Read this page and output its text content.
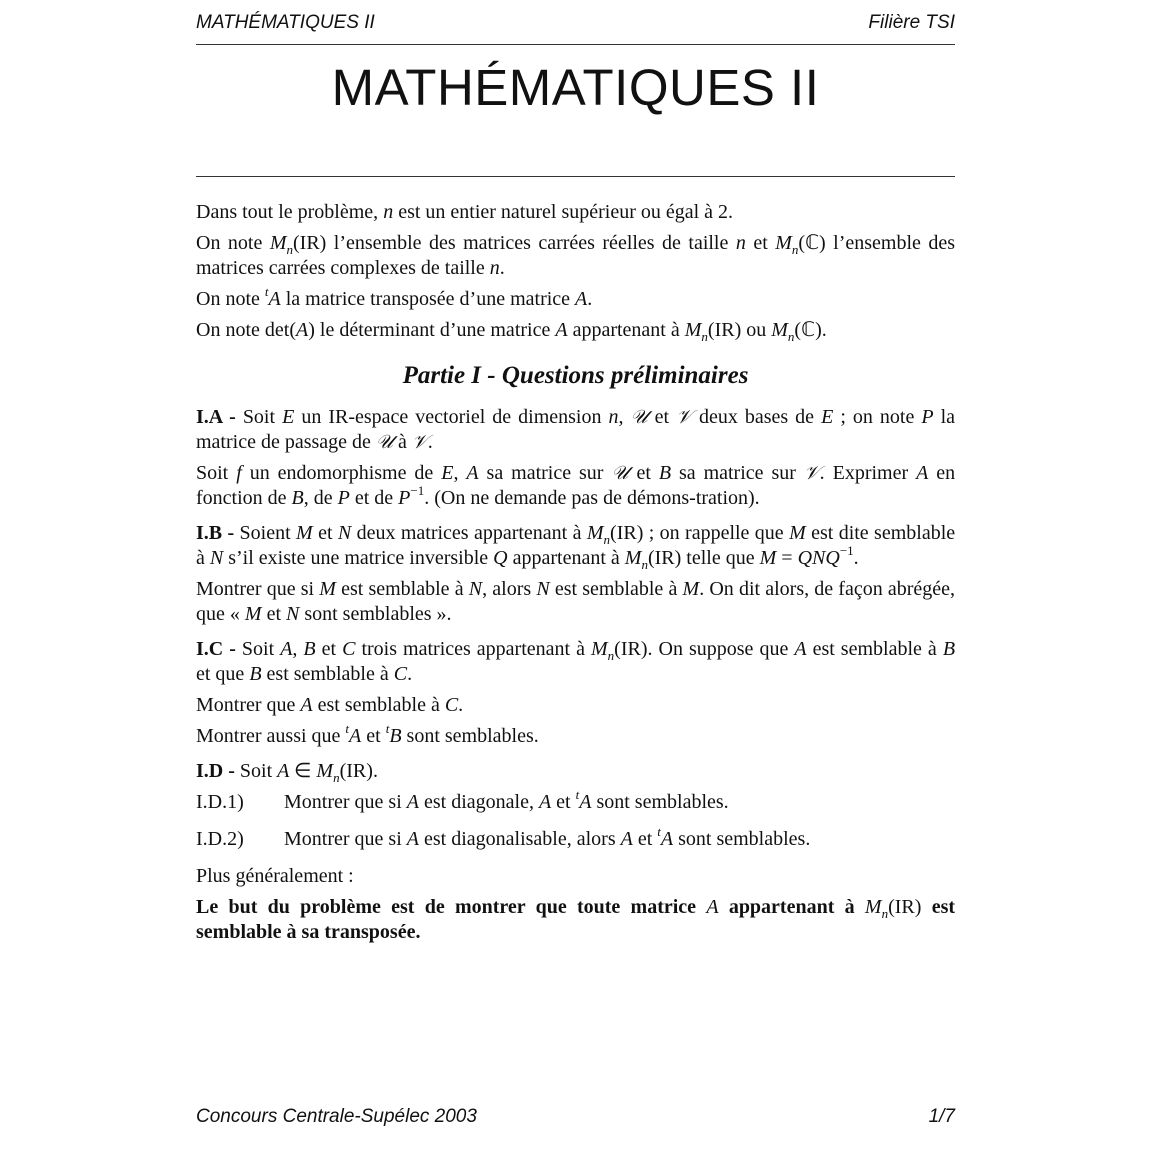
MATHÉMATIQUES II	Filière TSI
MATHÉMATIQUES II

Dans tout le problème, n est un entier naturel supérieur ou égal à 2.

On note $M_n(IR)$ l’ensemble des matrices carrées réelles de taille n et $M_n(ℂ)$ l’ensemble des matrices carrées complexes de taille n.

On note $^t$A la matrice transposée d’une matrice A.

On note det(A) le déterminant d’une matrice A appartenant à $M_n(IR)$ ou $M_n(ℂ)$.

Partie I - Questions préliminaires

I.A - Soit E un IR-espace vectoriel de dimension n, 𝒰 et 𝒱 deux bases de E ; on note P la matrice de passage de 𝒰 à 𝒱.

Soit f un endomorphisme de E, A sa matrice sur 𝒰 et B sa matrice sur 𝒱. Exprimer A en fonction de B, de P et de $P^{-1}$. (On ne demande pas de démons-tration).

I.B - Soient M et N deux matrices appartenant à $M_n(IR)$ ; on rappelle que M est dite semblable à N s’il existe une matrice inversible Q appartenant à $M_n(IR)$ telle que $M = QNQ^{-1}$.

Montrer que si M est semblable à N, alors N est semblable à M. On dit alors, de façon abrégée, que « M et N sont semblables ».

I.C - Soit A, B et C trois matrices appartenant à $M_n(IR)$. On suppose que A est semblable à B et que B est semblable à C.

Montrer que A est semblable à C.

Montrer aussi que $^t$A et $^t$B sont semblables.

I.D - Soit A ∈ $M_n(IR)$.

I.D.1)	Montrer que si A est diagonale, A et $^t$A sont semblables.
I.D.2)	Montrer que si A est diagonalisable, alors A et $^t$A sont semblables.

Plus généralement :

Le but du problème est de montrer que toute matrice A appartenant à $M_n(IR)$ est semblable à sa transposée.

Concours Centrale-Supélec 2003	1/7
